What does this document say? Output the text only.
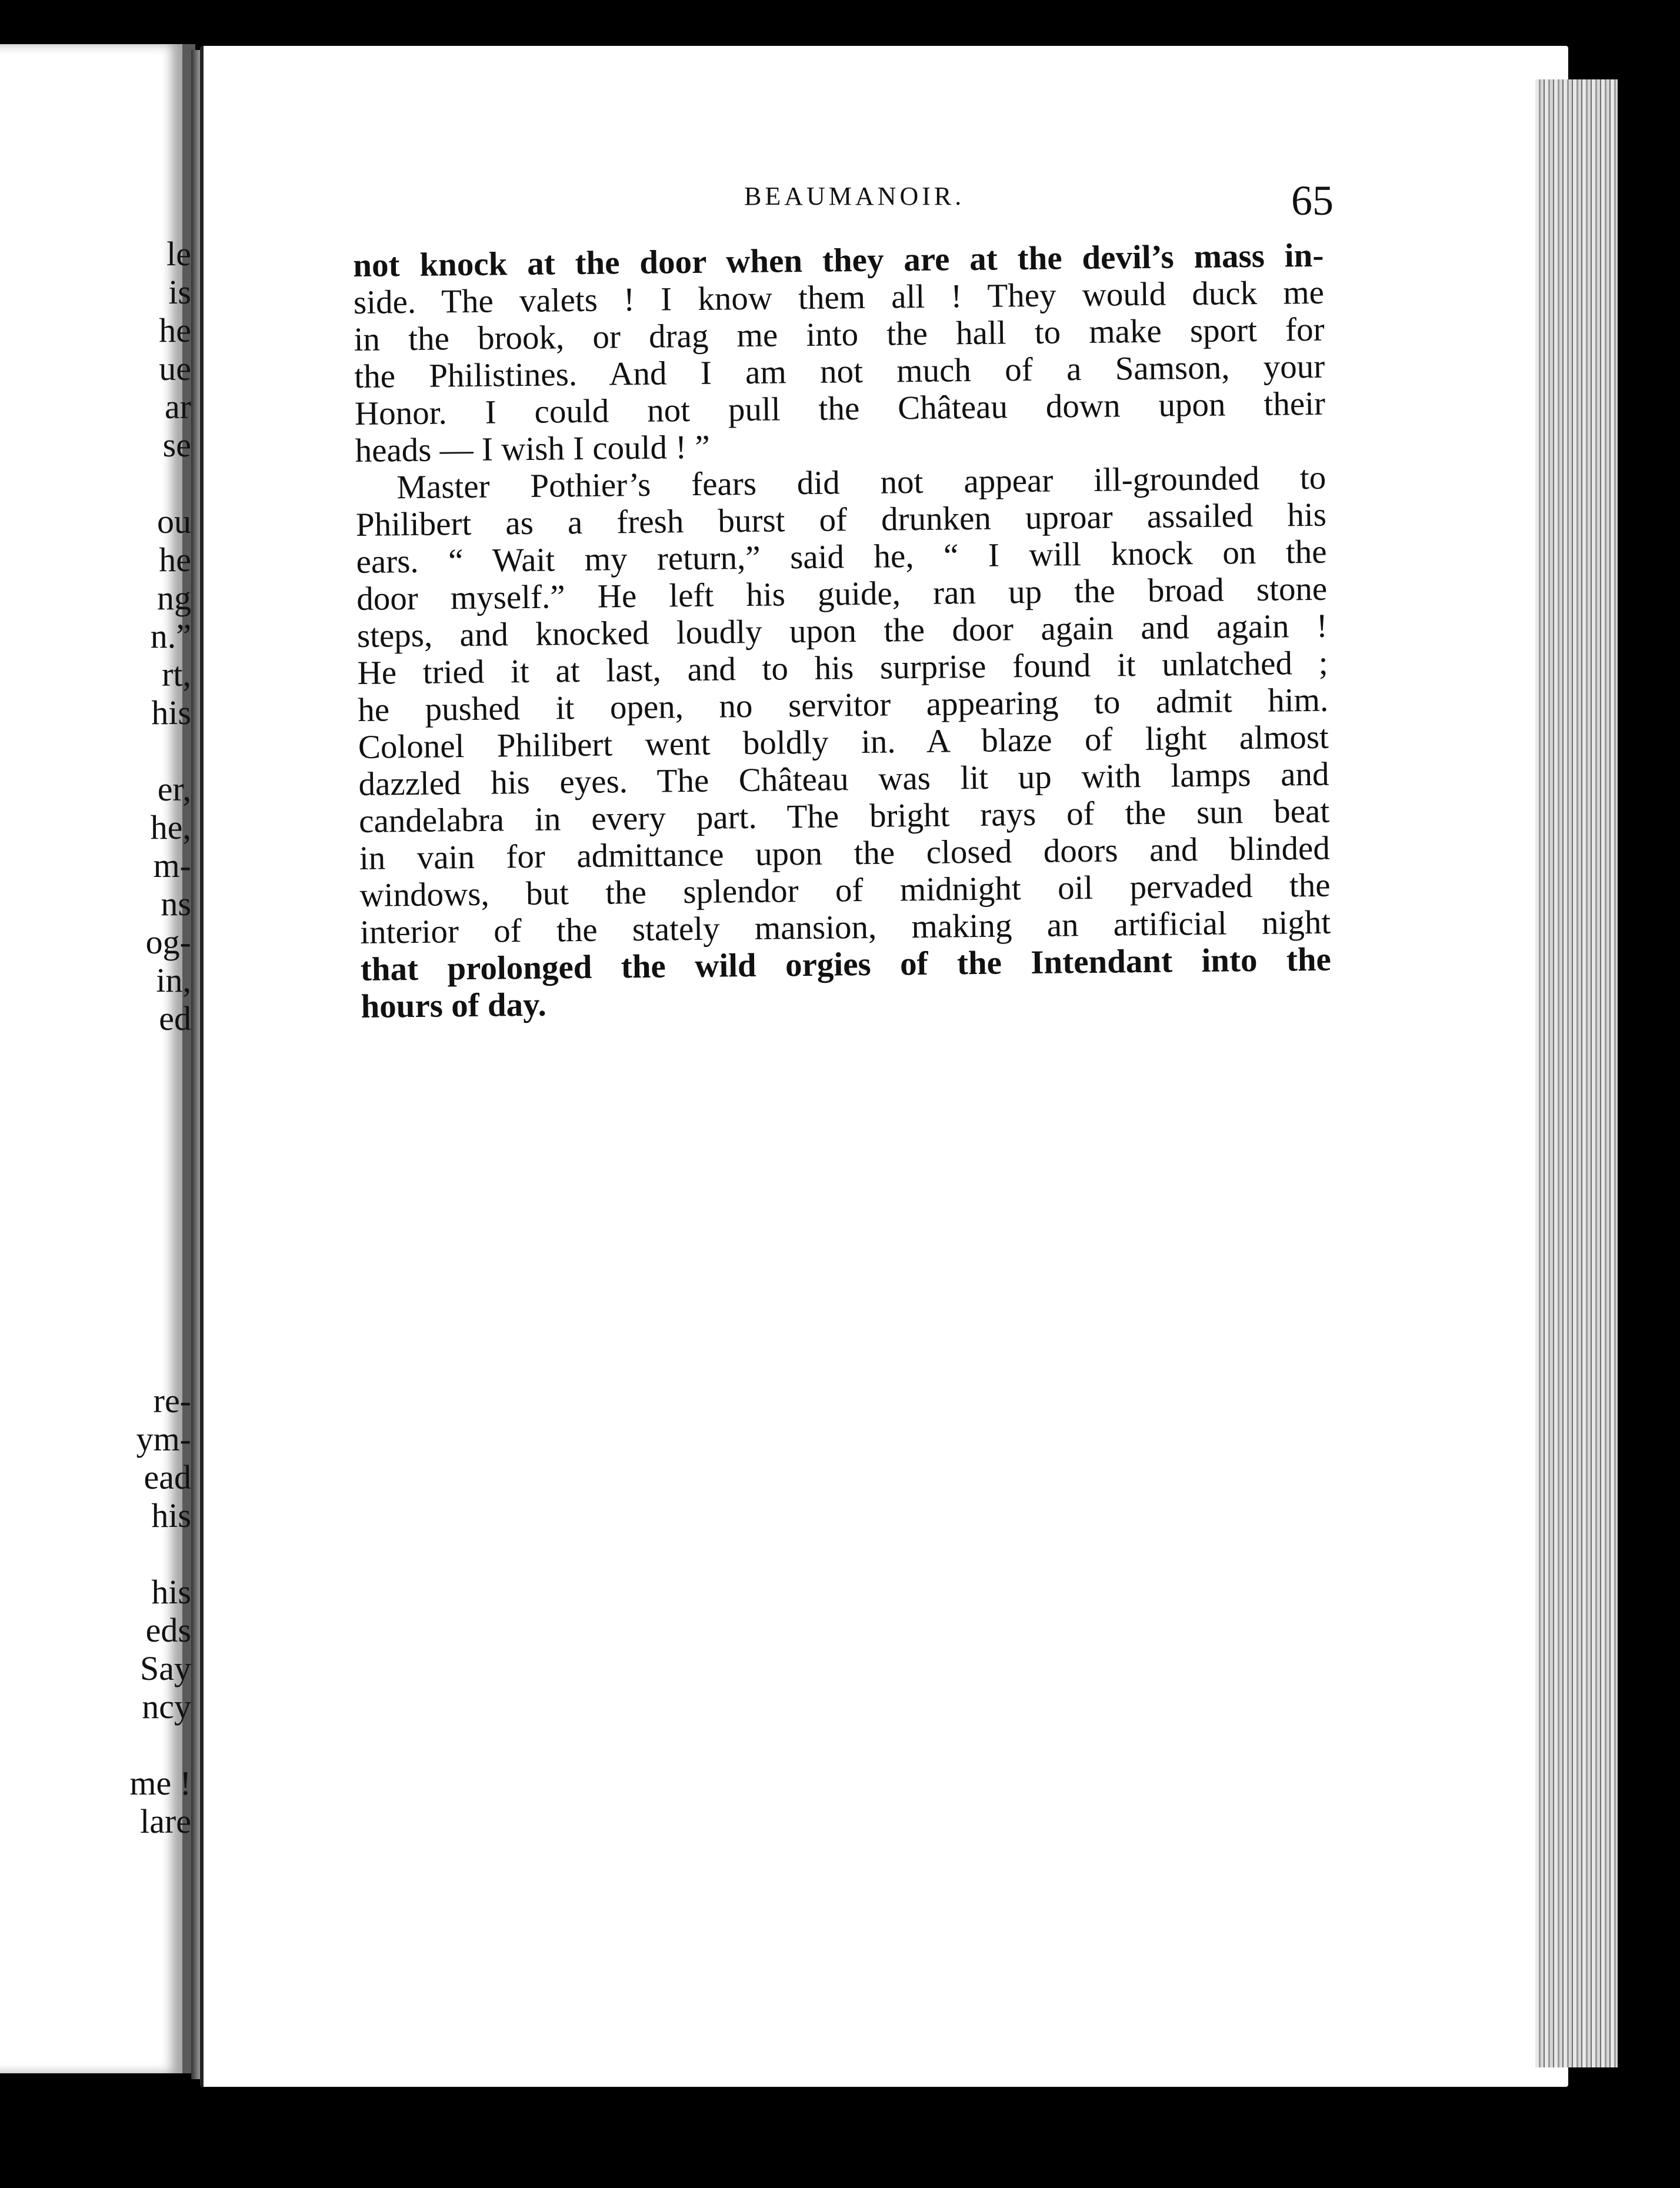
le
is
he
ue
ar
se
ou
he
ng
n.”
rt,
his
er,
he,
m-
ns
og-
in,
ed
re-
ym-
ead
his
his
eds
Say
ncy
me !
lare
BEAUMANOIR.	65
not knock at the door when they are at the devil’s mass in-
side. The valets ! I know them all ! They would duck me
in the brook, or drag me into the hall to make sport for
the Philistines. And I am not much of a Samson, your
Honor. I could not pull the Château down upon their
heads — I wish I could ! ”
Master Pothier’s fears did not appear ill-grounded to
Philibert as a fresh burst of drunken uproar assailed his
ears. “ Wait my return,” said he, “ I will knock on the
door myself.” He left his guide, ran up the broad stone
steps, and knocked loudly upon the door again and again !
He tried it at last, and to his surprise found it unlatched ;
he pushed it open, no servitor appearing to admit him.
Colonel Philibert went boldly in. A blaze of light almost
dazzled his eyes. The Château was lit up with lamps and
candelabra in every part. The bright rays of the sun beat
in vain for admittance upon the closed doors and blinded
windows, but the splendor of midnight oil pervaded the
interior of the stately mansion, making an artificial night
that prolonged the wild orgies of the Intendant into the
hours of day.
